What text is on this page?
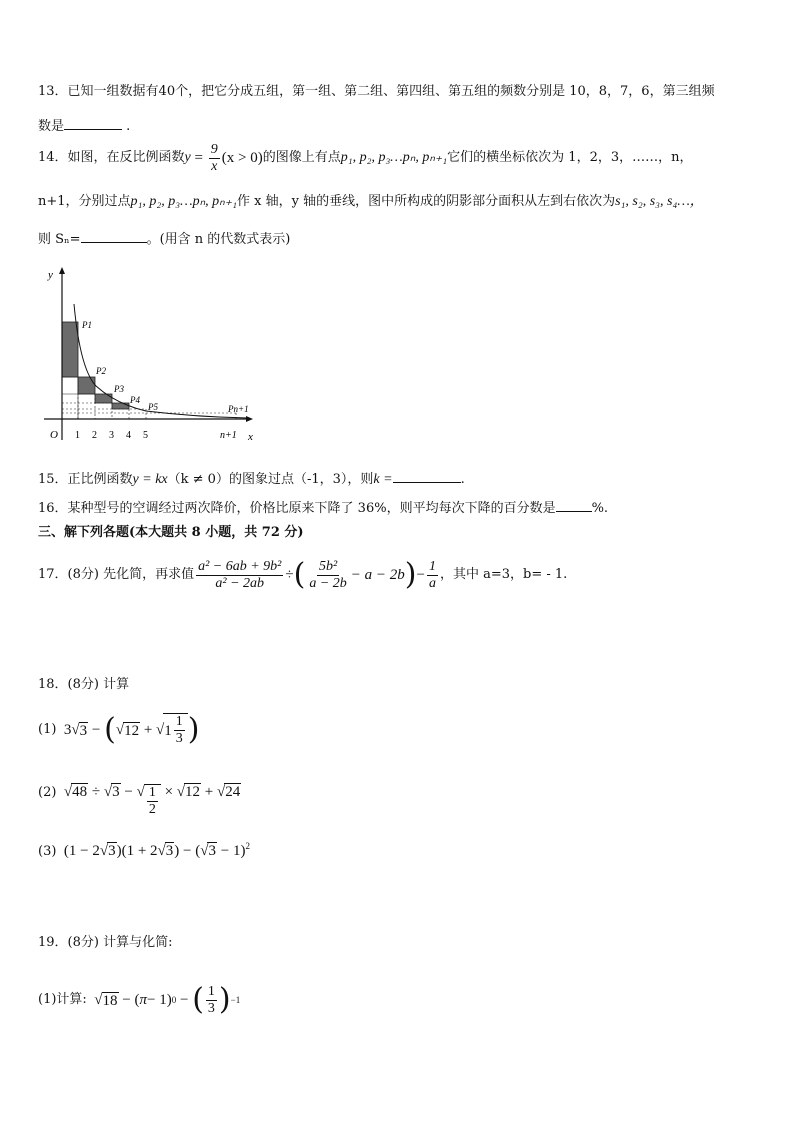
13．已知一组数据有40个，把它分成五组，第一组、第二组、第四组、第五组的频数分别是 10，8，7，6，第三组频
数是	.
14．如图，在反比例函数 $y = \frac{9}{x} (x > 0)$ 的图像上有点 p₁, p₂, p₃…pₙ, pₙ₊₁ 它们的横坐标依次为 1，2，3，……，n，
n+1，分别过点p₁, p₂, p₃…pₙ, pₙ₊₁作 x 轴，y 轴的垂线，图中所构成的阴影部分面积从左到右依次为s₁, s₂, s₃, s₄…，
则 Sₙ=	。(用含 n 的代数式表示)
y
x
O
P1
P2
P3
P4
P5	Pn+1
1 2 3 4 5	n+1
15．正比例函数y = kx（k ≠ 0）的图象过点（-1，3），则k =	.
16．某种型号的空调经过两次降价，价格比原来下降了 36%，则平均每次下降的百分数是	%.
三、解下列各题(本大题共 8 小题，共 72 分)
17．(8分) 先化简，再求值 $\frac{\text{a² − 6ab + 9b²}}{\text{a² − 2ab}}$ ÷ ( $\frac{\text{5b²}}{a - 2b} - a - 2b$ ) − $\frac{1}{a}$ ，其中 a=3，b= - 1.
18．(8分) 计算
(1) 3√ 3 − ( √ 12 + √ $1 \frac{1}{3}$ )
(2)  √48 ÷ √3 − √ $\frac{1}{2} \times √12 + √24$
(3)  $(1 - 2√3)(1 + 2√3) - (√3 - 1)^2$
19．(8分) 计算与化简:
(1)计算: √ 18 − ( π − 1) 0 − ( $\frac{1}{3}$ ) −1
